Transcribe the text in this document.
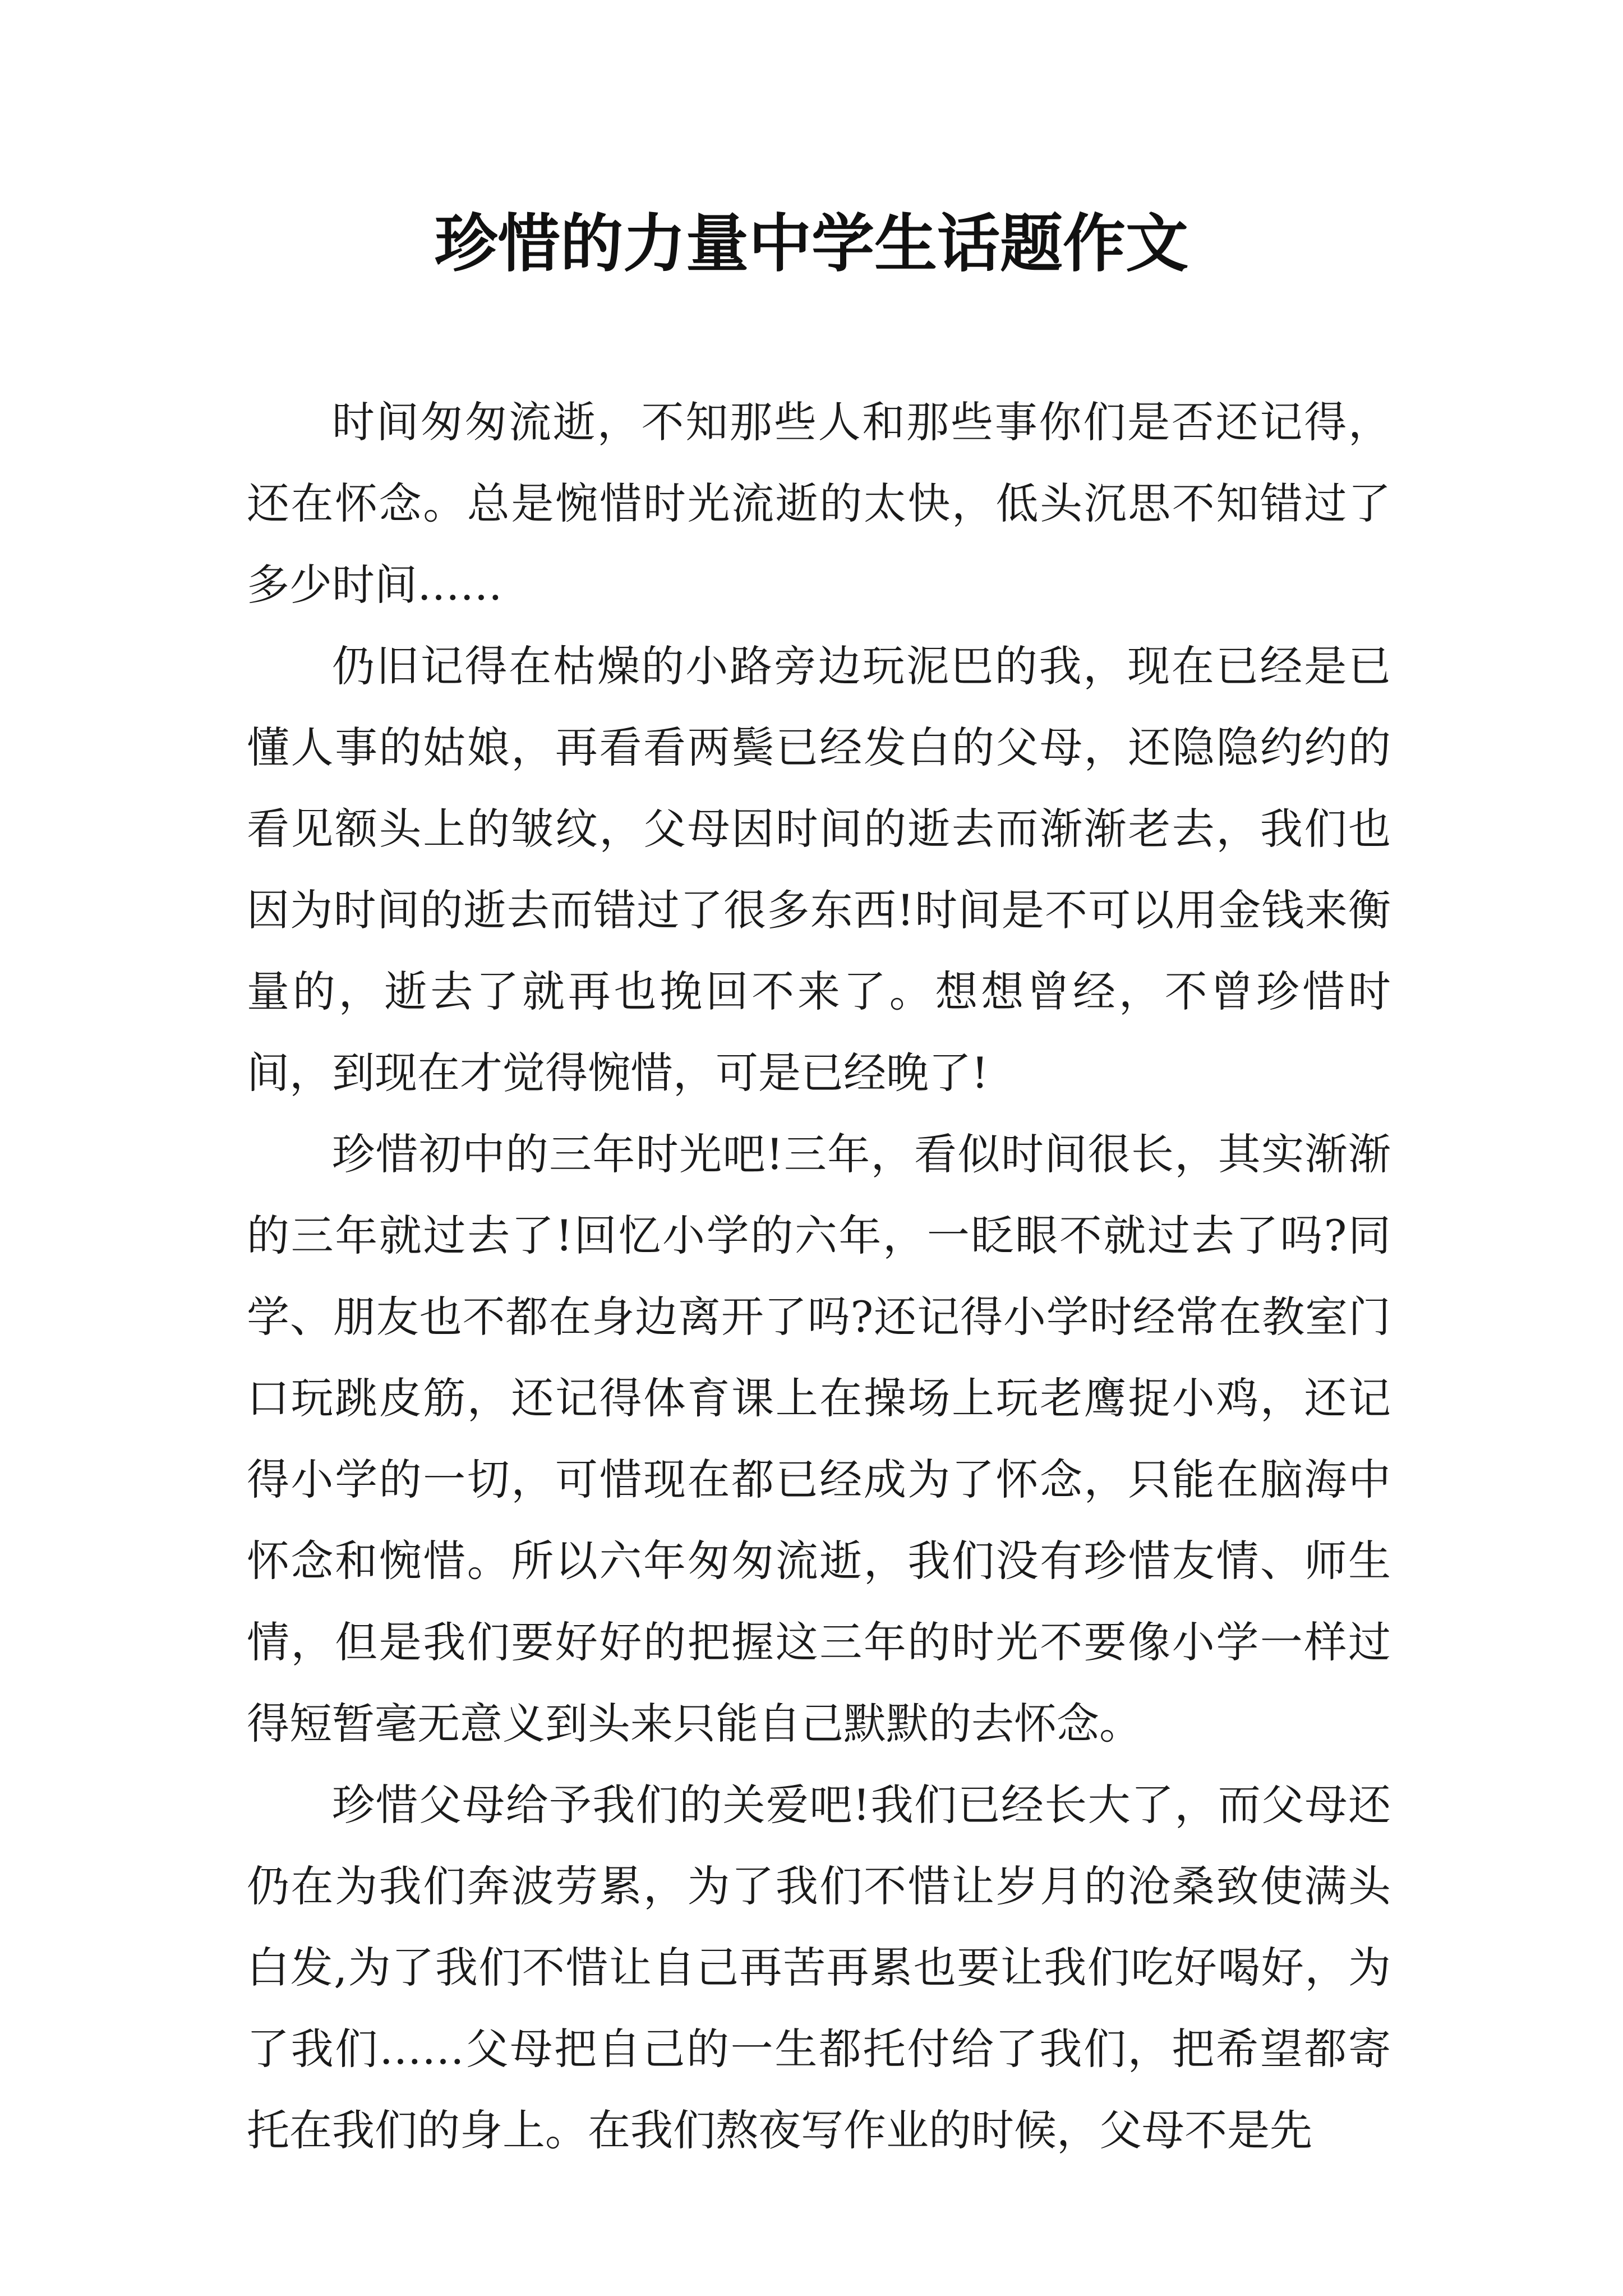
珍惜的力量中学生话题作文

时间匆匆流逝，不知那些人和那些事你们是否还记得，还在怀念。总是惋惜时光流逝的太快，低头沉思不知错过了多少时间……

仍旧记得在枯燥的小路旁边玩泥巴的我，现在已经是已懂人事的姑娘，再看看两鬓已经发白的父母，还隐隐约约的看见额头上的皱纹，父母因时间的逝去而渐渐老去，我们也因为时间的逝去而错过了很多东西!时间是不可以用金钱来衡量的，逝去了就再也挽回不来了。想想曾经，不曾珍惜时间，到现在才觉得惋惜，可是已经晚了!

珍惜初中的三年时光吧!三年，看似时间很长，其实渐渐的三年就过去了!回忆小学的六年，一眨眼不就过去了吗?同学、朋友也不都在身边离开了吗?还记得小学时经常在教室门口玩跳皮筋，还记得体育课上在操场上玩老鹰捉小鸡，还记得小学的一切，可惜现在都已经成为了怀念，只能在脑海中怀念和惋惜。所以六年匆匆流逝，我们没有珍惜友情、师生情，但是我们要好好的把握这三年的时光不要像小学一样过得短暂毫无意义到头来只能自己默默的去怀念。

珍惜父母给予我们的关爱吧!我们已经长大了，而父母还仍在为我们奔波劳累，为了我们不惜让岁月的沧桑致使满头白发,为了我们不惜让自己再苦再累也要让我们吃好喝好，为了我们……父母把自己的一生都托付给了我们，把希望都寄托在我们的身上。在我们熬夜写作业的时候，父母不是先
